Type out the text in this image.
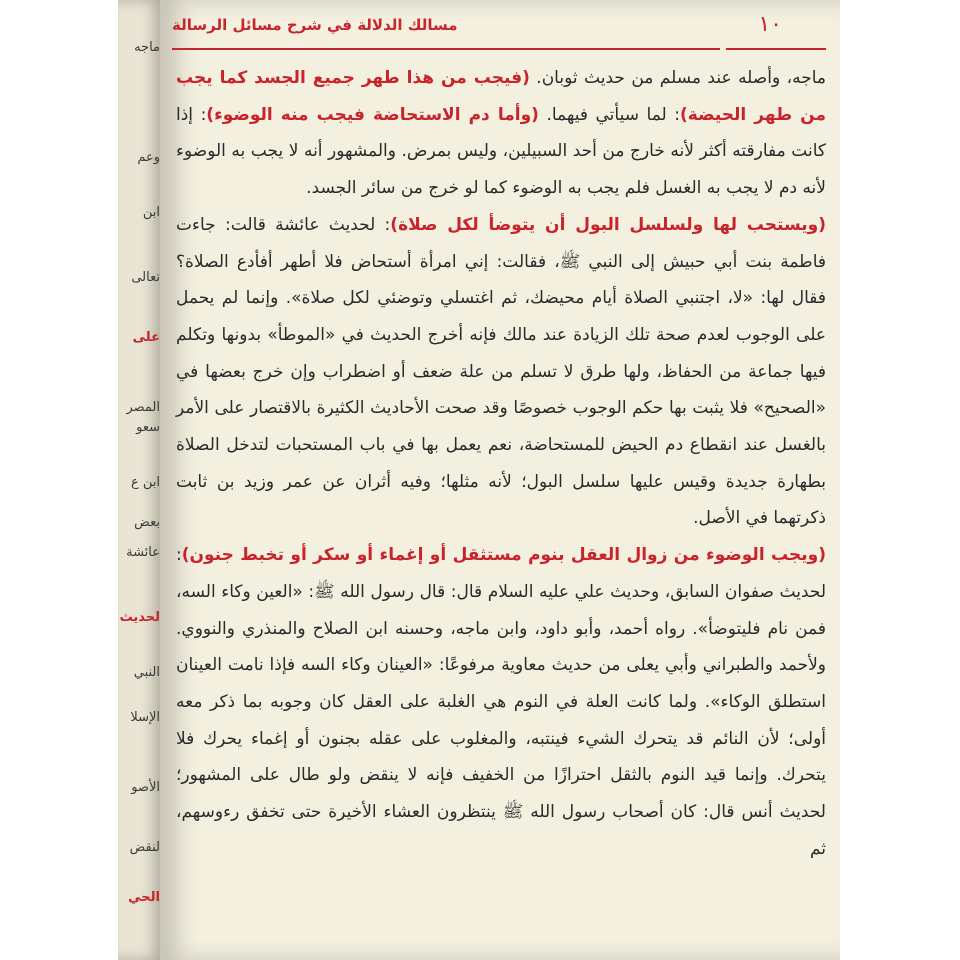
ماجه
وعم
ابن
تعالى
على
المصر
سعو
ابن ع
بعض
عائشة
لحديث
النبي
الإسلا
الأصو
لنقض
الحي
١٠
مسالك الدلالة في شرح مسائل الرسالة

ماجه، وأصله عند مسلم من حديث ثوبان. (فيجب من هذا طهر جميع الجسد كما يجب من طهر الحيضة): لما سيأتي فيهما. (وأما دم الاستحاضة فيجب منه الوضوء): إذا كانت مفارقته أكثر لأنه خارج من أحد السبيلين، وليس بمرض. والمشهور أنه لا يجب به الوضوء لأنه دم لا يجب به الغسل فلم يجب به الوضوء كما لو خرج من سائر الجسد.

(ويستحب لها ولسلسل البول أن يتوضأ لكل صلاة): لحديث عائشة قالت: جاءت فاطمة بنت أبي حبيش إلى النبي ﷺ، فقالت: إني امرأة أستحاض فلا أطهر أفأدع الصلاة؟ فقال لها: «لا، اجتنبي الصلاة أيام محيضك، ثم اغتسلي وتوضئي لكل صلاة». وإنما لم يحمل على الوجوب لعدم صحة تلك الزيادة عند مالك فإنه أخرج الحديث في «الموطأ» بدونها وتكلم فيها جماعة من الحفاظ، ولها طرق لا تسلم من علة ضعف أو اضطراب وإن خرج بعضها في «الصحيح» فلا يثبت بها حكم الوجوب خصوصًا وقد صحت الأحاديث الكثيرة بالاقتصار على الأمر بالغسل عند انقطاع دم الحيض للمستحاضة، نعم يعمل بها في باب المستحبات لتدخل الصلاة بطهارة جديدة وقيس عليها سلسل البول؛ لأنه مثلها؛ وفيه أثران عن عمر وزيد بن ثابت ذكرتهما في الأصل.

(ويجب الوضوء من زوال العقل بنوم مستثقل أو إغماء أو سكر أو تخبط جنون): لحديث صفوان السابق، وحديث علي عليه السلام قال: قال رسول الله ﷺ: «العين وكاء السه، فمن نام فليتوضأ». رواه أحمد، وأبو داود، وابن ماجه، وحسنه ابن الصلاح والمنذري والنووي. ولأحمد والطبراني وأبي يعلى من حديث معاوية مرفوعًا: «العينان وكاء السه فإذا نامت العينان استطلق الوكاء». ولما كانت العلة في النوم هي الغلبة على العقل كان وجوبه بما ذكر معه أولى؛ لأن النائم قد يتحرك الشيء فينتبه، والمغلوب على عقله بجنون أو إغماء يحرك فلا يتحرك. وإنما قيد النوم بالثقل احترازًا من الخفيف فإنه لا ينقض ولو طال على المشهور؛ لحديث أنس قال: كان أصحاب رسول الله ﷺ ينتظرون العشاء الأخيرة حتى تخفق رءوسهم، ثم
